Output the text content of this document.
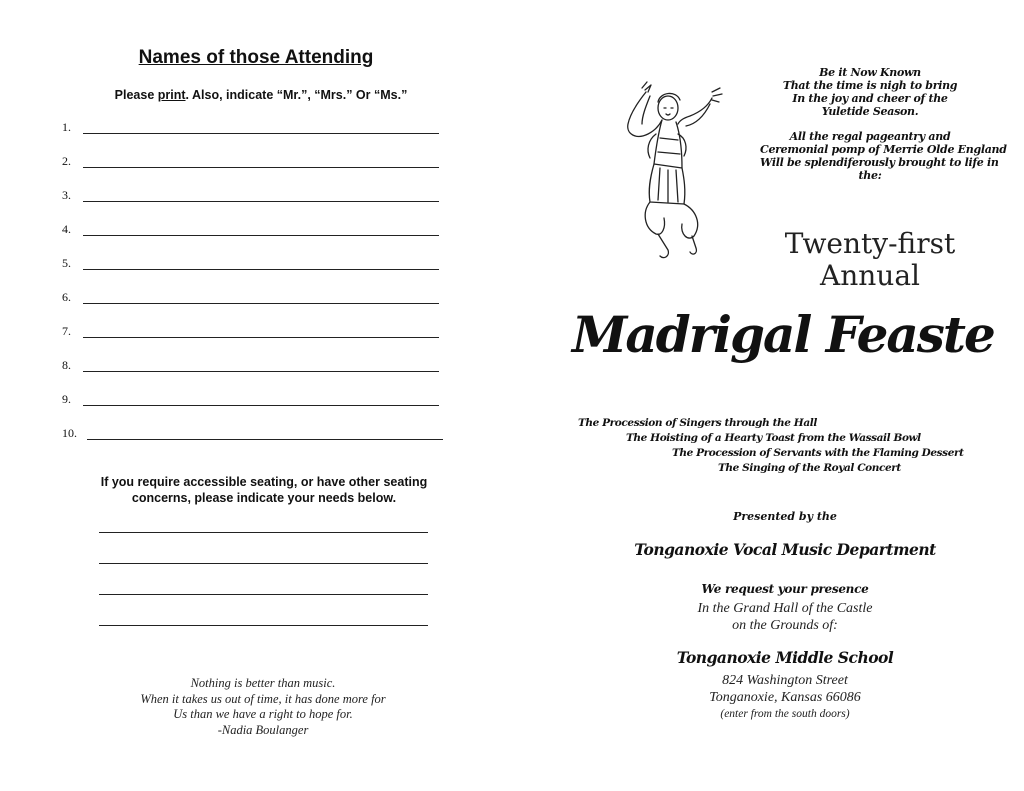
Names of those Attending
Please print. Also, indicate “Mr.”, “Mrs.” Or “Ms.”
1.
2.
3.
4.
5.
6.
7.
8.
9.
10.
If you require accessible seating, or have other seating concerns, please indicate your needs below.
Nothing is better than music.
When it takes us out of time, it has done more for
Us than we have a right to hope for.
-Nadia Boulanger
Be it Now Known
That the time is nigh to bring
In the joy and cheer of the
Yuletide Season.
All the regal pageantry and
Ceremonial pomp of Merrie Olde England
Will be splendiferously brought to life in
the:
Twenty-first
Annual
Madrigal Feaste
The Procession of Singers through the Hall
The Hoisting of a Hearty Toast from the Wassail Bowl
The Procession of Servants with the Flaming Dessert
The Singing of the Royal Concert
Presented by the
Tonganoxie Vocal Music Department
We request your presence
In the Grand Hall of the Castle
on the Grounds of:
Tonganoxie Middle School
824 Washington Street
Tonganoxie, Kansas 66086
(enter from the south doors)
